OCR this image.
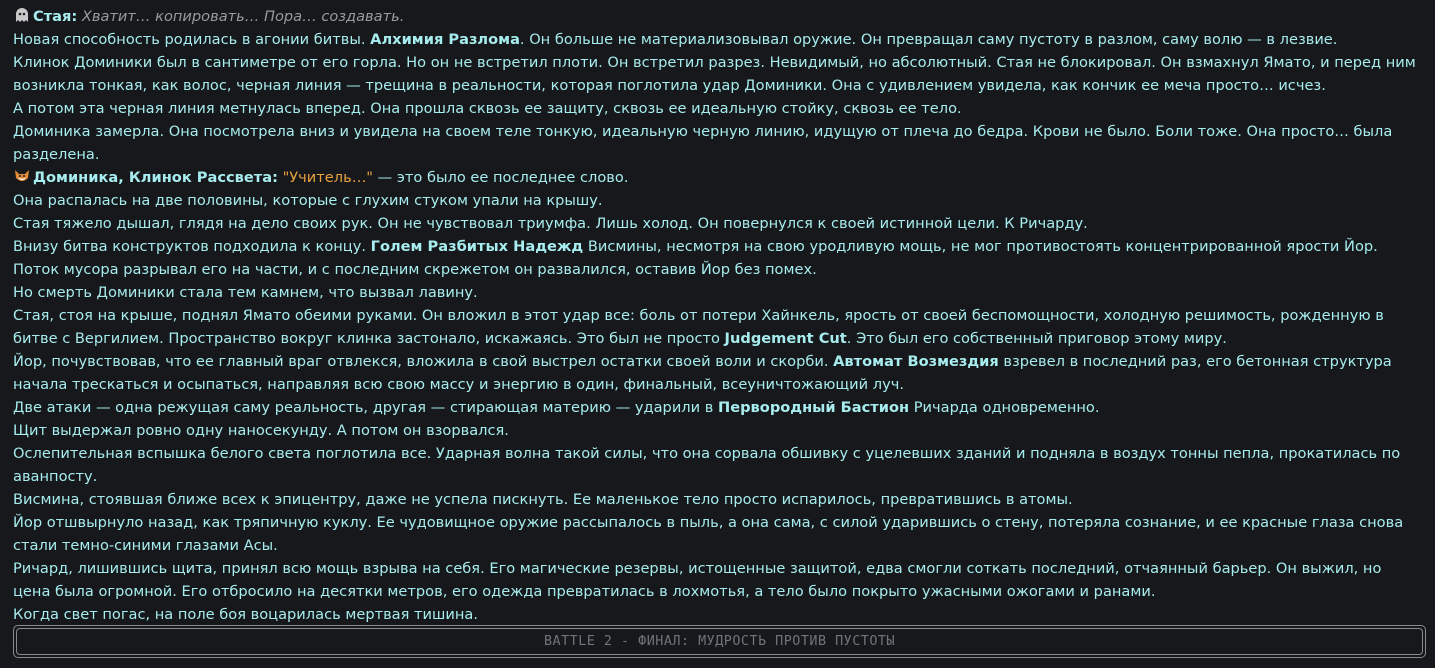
Стая: Хватит… копировать… Пора… создавать.
Новая способность родилась в агонии битвы. Алхимия Разлома. Он больше не материализовывал оружие. Он превращал саму пустоту в разлом, саму волю — в лезвие.
Клинок Доминики был в сантиметре от его горла. Но он не встретил плоти. Он встретил разрез. Невидимый, но абсолютный. Стая не блокировал. Он взмахнул Ямато, и перед ним возникла тонкая, как волос, черная линия — трещина в реальности, которая поглотила удар Доминики. Она с удивлением увидела, как кончик ее меча просто… исчез.
А потом эта черная линия метнулась вперед. Она прошла сквозь ее защиту, сквозь ее идеальную стойку, сквозь ее тело.
Доминика замерла. Она посмотрела вниз и увидела на своем теле тонкую, идеальную черную линию, идущую от плеча до бедра. Крови не было. Боли тоже. Она просто… была разделена.
Доминика, Клинок Рассвета: "Учитель…" — это было ее последнее слово.
Она распалась на две половины, которые с глухим стуком упали на крышу.
Стая тяжело дышал, глядя на дело своих рук. Он не чувствовал триумфа. Лишь холод. Он повернулся к своей истинной цели. К Ричарду.
Внизу битва конструктов подходила к концу. Голем Разбитых Надежд Висмины, несмотря на свою уродливую мощь, не мог противостоять концентрированной ярости Йор. Поток мусора разрывал его на части, и с последним скрежетом он развалился, оставив Йор без помех.
Но смерть Доминики стала тем камнем, что вызвал лавину.
Стая, стоя на крыше, поднял Ямато обеими руками. Он вложил в этот удар все: боль от потери Хайнкель, ярость от своей беспомощности, холодную решимость, рожденную в битве с Вергилием. Пространство вокруг клинка застонало, искажаясь. Это был не просто Judgement Cut. Это был его собственный приговор этому миру.
Йор, почувствовав, что ее главный враг отвлекся, вложила в свой выстрел остатки своей воли и скорби. Автомат Возмездия взревел в последний раз, его бетонная структура начала трескаться и осыпаться, направляя всю свою массу и энергию в один, финальный, всеуничтожающий луч.
Две атаки — одна режущая саму реальность, другая — стирающая материю — ударили в Первородный Бастион Ричарда одновременно.
Щит выдержал ровно одну наносекунду. А потом он взорвался.
Ослепительная вспышка белого света поглотила все. Ударная волна такой силы, что она сорвала обшивку с уцелевших зданий и подняла в воздух тонны пепла, прокатилась по аванпосту.
Висмина, стоявшая ближе всех к эпицентру, даже не успела пискнуть. Ее маленькое тело просто испарилось, превратившись в атомы.
Йор отшвырнуло назад, как тряпичную куклу. Ее чудовищное оружие рассыпалось в пыль, а она сама, с силой ударившись о стену, потеряла сознание, и ее красные глаза снова стали темно-синими глазами Асы.
Ричард, лишившись щита, принял всю мощь взрыва на себя. Его магические резервы, истощенные защитой, едва смогли соткать последний, отчаянный барьер. Он выжил, но цена была огромной. Его отбросило на десятки метров, его одежда превратилась в лохмотья, а тело было покрыто ужасными ожогами и ранами.
Когда свет погас, на поле боя воцарилась мертвая тишина.
BATTLE 2 - ФИНАЛ: МУДРОСТЬ ПРОТИВ ПУСТОТЫ
